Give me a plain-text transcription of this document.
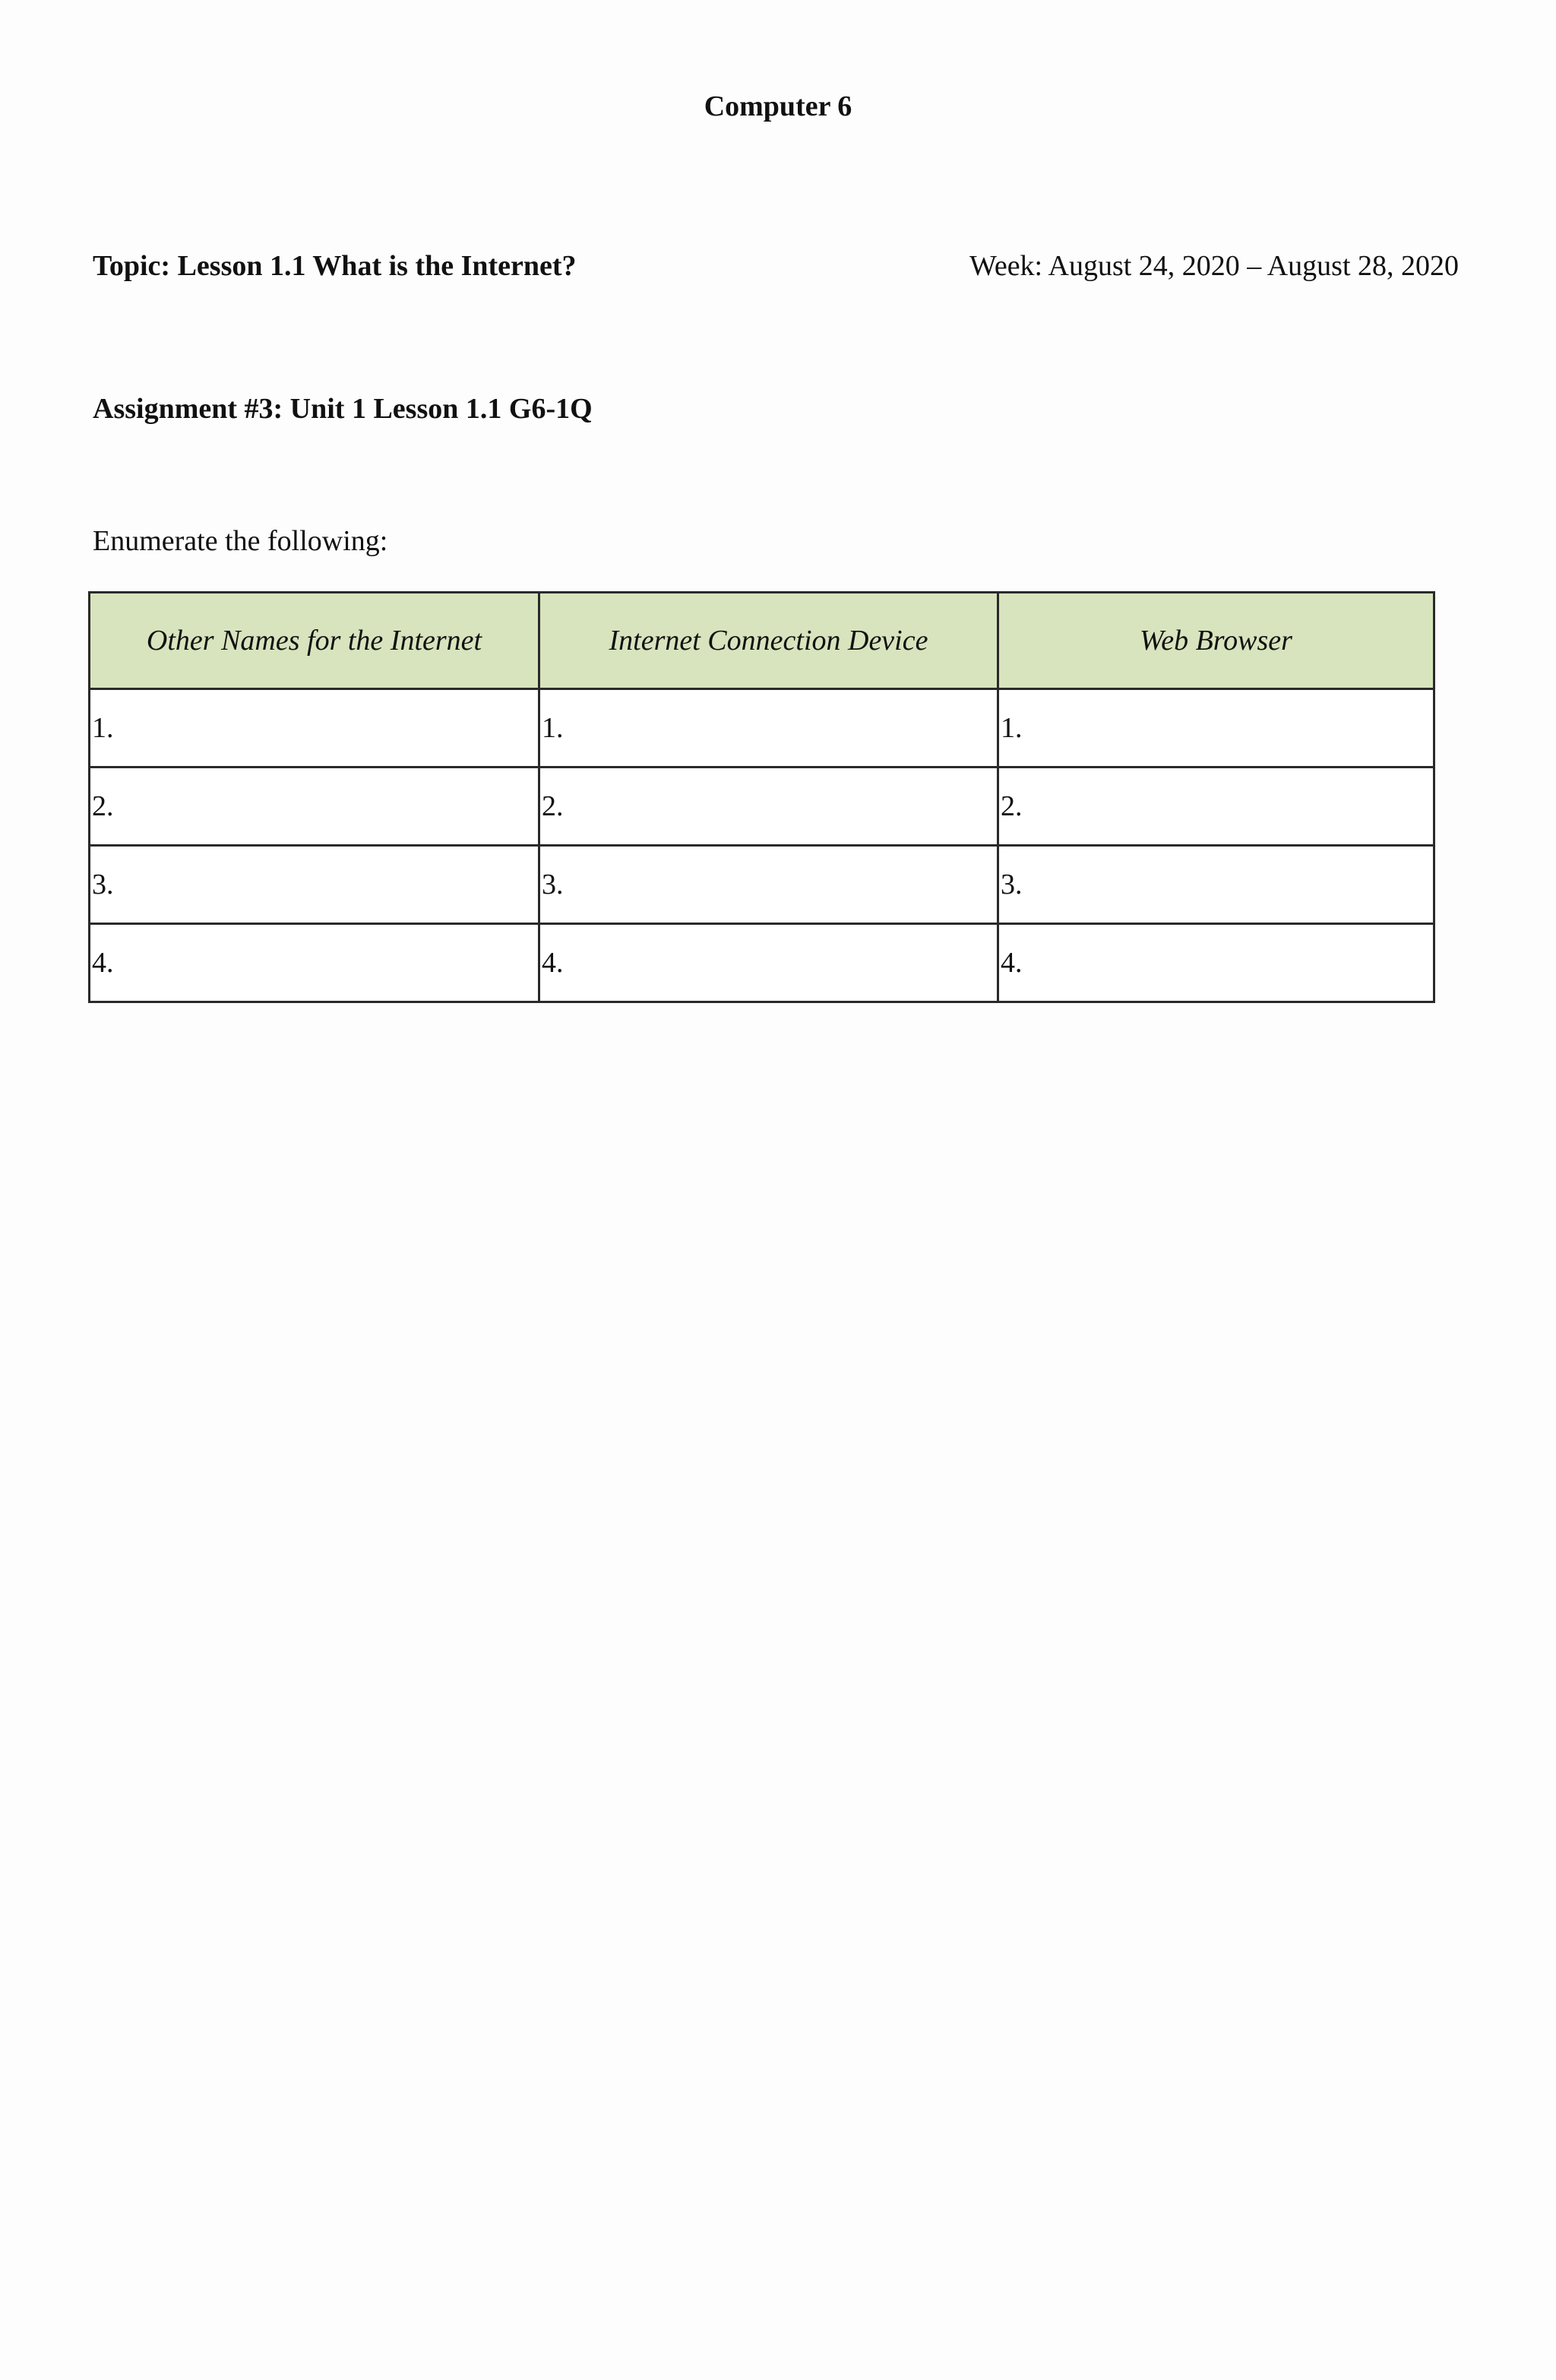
Computer 6
Topic: Lesson 1.1 What is the Internet?	Week: August 24, 2020 – August 28, 2020
Assignment #3: Unit 1 Lesson 1.1 G6-1Q
Enumerate the following:
Other Names for the Internet	Internet Connection Device	Web Browser
1.	1.	1.
2.	2.	2.
3.	3.	3.
4.	4.	4.
